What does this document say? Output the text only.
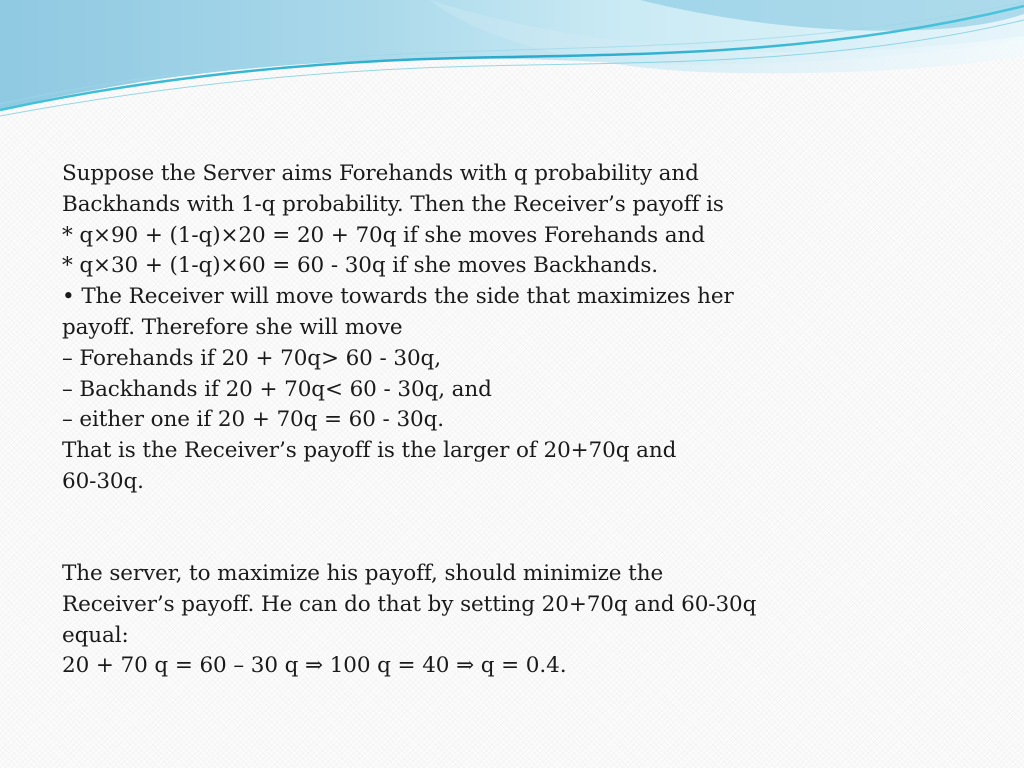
Suppose the Server aims Forehands with q probability and
Backhands with 1-q probability. Then the Receiver’s payoff is
* q×90 + (1-q)×20 = 20 + 70q if she moves Forehands and
* q×30 + (1-q)×60 = 60 - 30q if she moves Backhands.
• The Receiver will move towards the side that maximizes her
payoff. Therefore she will move
– Forehands if 20 + 70q> 60 - 30q,
– Backhands if 20 + 70q< 60 - 30q, and
– either one if 20 + 70q = 60 - 30q.
That is the Receiver’s payoff is the larger of 20+70q and
60-30q.

The server, to maximize his payoff, should minimize the
Receiver’s payoff. He can do that by setting 20+70q and 60-30q
equal:
20 + 70 q = 60 – 30 q ⇒ 100 q = 40 ⇒ q = 0.4.
